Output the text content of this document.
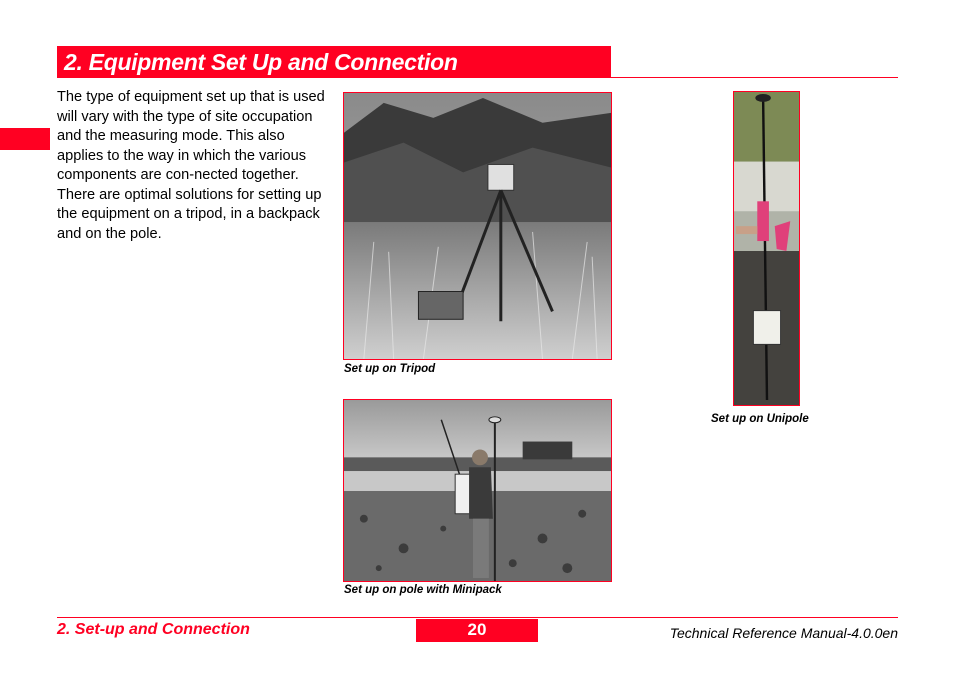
2. Equipment Set Up and Connection
The type of equipment set up that is used will vary with the type of site occupation and the measuring mode. This also applies to the way in which the various components are con-nected together. There are optimal solutions for setting up the equipment on a tripod, in a backpack and on the pole.
Set up on Tripod
Set up on Unipole
Set up on pole with Minipack
2. Set-up and Connection	20	Technical Reference Manual-4.0.0en
